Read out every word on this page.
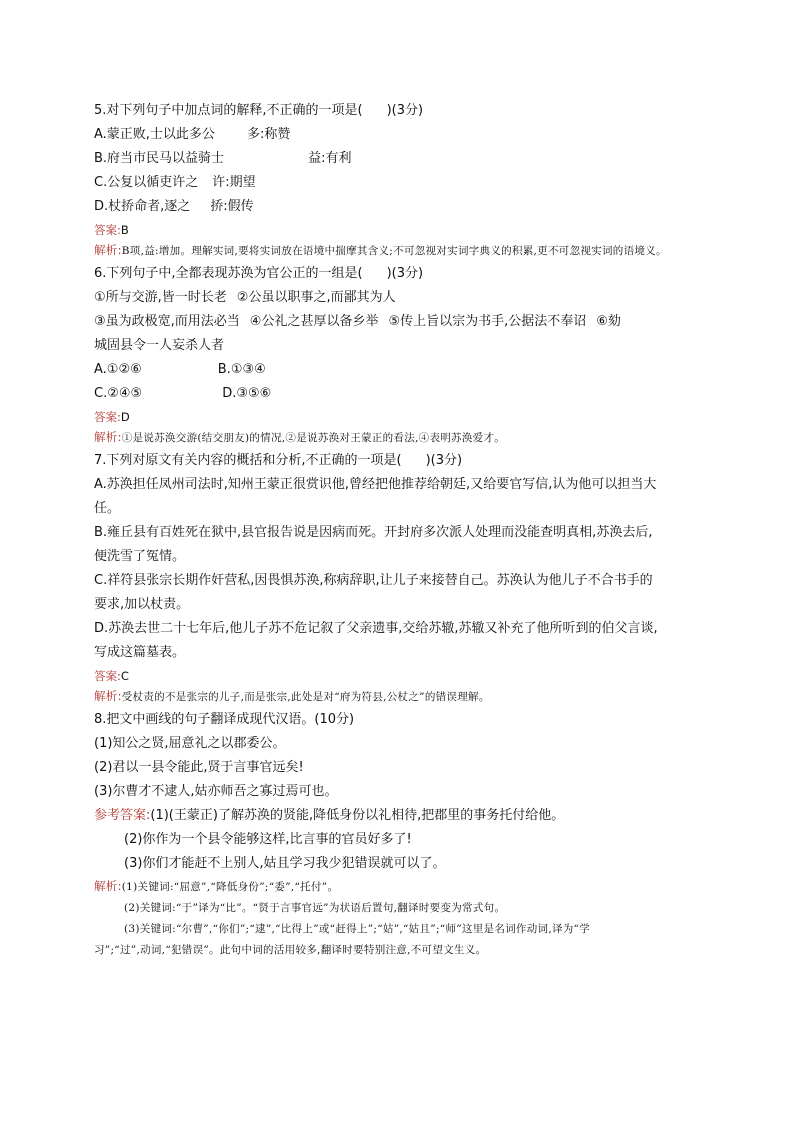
5.对下列句子中加点词的解释,不正确的一项是( )(3分)
A.蒙正败,士以此多公 多:称赞
B.府当市民马以益骑士	益:有利
C.公复以循吏许之 许:期望
D.杖挢命者,逐之 挢:假传
答案:B
解析:B项,益:增加。理解实词,要将实词放在语境中揣摩其含义;不可忽视对实词字典义的积累,更不可忽视实词的语境义。
6.下列句子中,全都表现苏涣为官公正的一组是( )(3分)
①所与交游,皆一时长老 ②公虽以职事之,而鄙其为人
③虽为政极宽,而用法必当 ④公礼之甚厚以备乡举 ⑤传上旨以宗为书手,公据法不奉诏 ⑥劾
城固县令一人妄杀人者
A.①②⑥	B.①③④
C.②④⑤	D.③⑤⑥
答案:D
解析:①是说苏涣交游(结交朋友)的情况,②是说苏涣对王蒙正的看法,④表明苏涣爱才。
7.下列对原文有关内容的概括和分析,不正确的一项是( )(3分)
A.苏涣担任凤州司法时,知州王蒙正很赏识他,曾经把他推荐给朝廷,又给要官写信,认为他可以担当大
任。
B.雍丘县有百姓死在狱中,县官报告说是因病而死。开封府多次派人处理而没能查明真相,苏涣去后,
便洗雪了冤情。
C.祥符县张宗长期作奸营私,因畏惧苏涣,称病辞职,让儿子来接替自己。苏涣认为他儿子不合书手的
要求,加以杖责。
D.苏涣去世二十七年后,他儿子苏不危记叙了父亲遗事,交给苏辙,苏辙又补充了他所听到的伯父言谈,
写成这篇墓表。
答案:C
解析:受杖责的不是张宗的儿子,而是张宗,此处是对“府为符县,公杖之”的错误理解。
8.把文中画线的句子翻译成现代汉语。(10分)
(1)知公之贤,屈意礼之以郡委公。
(2)君以一县令能此,贤于言事官远矣!
(3)尔曹才不逮人,姑亦师吾之寡过焉可也。
参考答案:(1)(王蒙正)了解苏涣的贤能,降低身份以礼相待,把郡里的事务托付给他。
(2)你作为一个县令能够这样,比言事的官员好多了!
(3)你们才能赶不上别人,姑且学习我少犯错误就可以了。
解析:(1)关键词:“屈意”,“降低身份”;“委”,“托付”。
(2)关键词:“于”译为“比”。“贤于言事官远”为状语后置句,翻译时要变为常式句。
(3)关键词:“尔曹”,“你们”;“逮”,“比得上”或“赶得上”;“姑”,“姑且”;“师”这里是名词作动词,译为“学
习”;“过”,动词,“犯错误”。此句中词的活用较多,翻译时要特别注意,不可望文生义。
